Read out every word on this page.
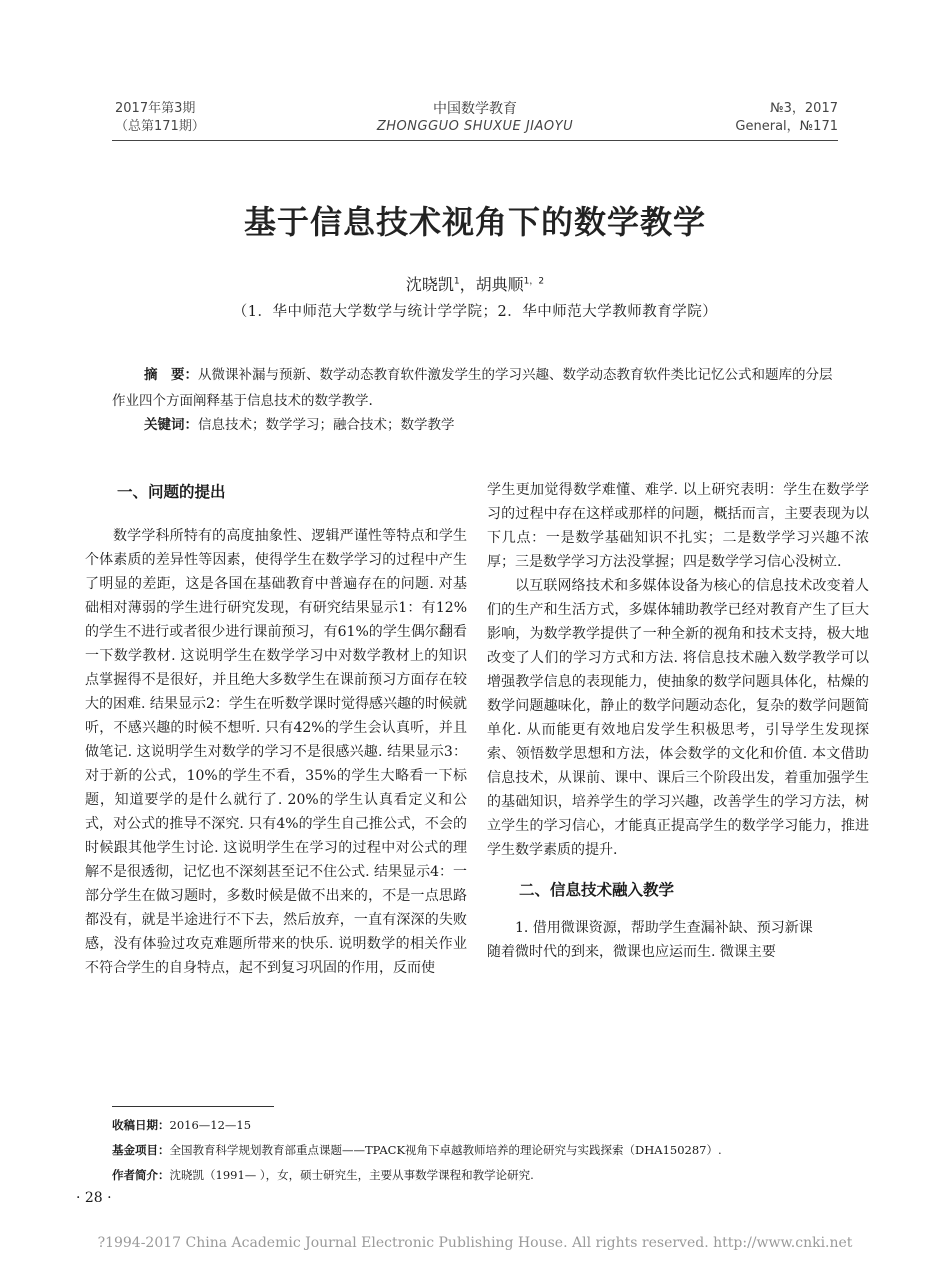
2017年第3期
（总第171期）
中国数学教育
ZHONGGUO SHUXUE JIAOYU
№3，2017
General，№171
基于信息技术视角下的数学教学
沈晓凯$^1$，胡典顺$^{1,2}$
（1．华中师范大学数学与统计学学院；2．华中师范大学教师教育学院）

摘　要：从微课补漏与预新、数学动态教育软件激发学生的学习兴趣、数学动态教育软件类比记忆公式和题库的分层作业四个方面阐释基于信息技术的数学教学.

关键词：信息技术；数学学习；融合技术；数学教学
一、问题的提出

数学学科所特有的高度抽象性、逻辑严谨性等特点和学生个体素质的差异性等因素，使得学生在数学学习的过程中产生了明显的差距，这是各国在基础教育中普遍存在的问题. 对基础相对薄弱的学生进行研究发现，有研究结果显示1：有12%的学生不进行或者很少进行课前预习，有61%的学生偶尔翻看一下数学教材. 这说明学生在数学学习中对数学教材上的知识点掌握得不是很好，并且绝大多数学生在课前预习方面存在较大的困难. 结果显示2：学生在听数学课时觉得感兴趣的时候就听，不感兴趣的时候不想听. 只有42%的学生会认真听，并且做笔记. 这说明学生对数学的学习不是很感兴趣. 结果显示3：对于新的公式，10%的学生不看，35%的学生大略看一下标题，知道要学的是什么就行了. 20%的学生认真看定义和公式，对公式的推导不深究. 只有4%的学生自己推公式，不会的时候跟其他学生讨论. 这说明学生在学习的过程中对公式的理解不是很透彻，记忆也不深刻甚至记不住公式. 结果显示4：一部分学生在做习题时，多数时候是做不出来的，不是一点思路都没有，就是半途进行不下去，然后放弃，一直有深深的失败感，没有体验过攻克难题所带来的快乐. 说明数学的相关作业不符合学生的自身特点，起不到复习巩固的作用，反而使

学生更加觉得数学难懂、难学. 以上研究表明：学生在数学学习的过程中存在这样或那样的问题，概括而言，主要表现为以下几点：一是数学基础知识不扎实；二是数学学习兴趣不浓厚；三是数学学习方法没掌握；四是数学学习信心没树立.

以互联网络技术和多媒体设备为核心的信息技术改变着人们的生产和生活方式，多媒体辅助教学已经对教育产生了巨大影响，为数学教学提供了一种全新的视角和技术支持，极大地改变了人们的学习方式和方法. 将信息技术融入数学教学可以增强教学信息的表现能力，使抽象的数学问题具体化，枯燥的数学问题趣味化，静止的数学问题动态化，复杂的数学问题简单化. 从而能更有效地启发学生积极思考，引导学生发现探索、领悟数学思想和方法，体会数学的文化和价值. 本文借助信息技术，从课前、课中、课后三个阶段出发，着重加强学生的基础知识，培养学生的学习兴趣，改善学生的学习方法，树立学生的学习信心，才能真正提高学生的数学学习能力，推进学生数学素质的提升.

二、信息技术融入教学

1. 借用微课资源，帮助学生查漏补缺、预习新课

随着微时代的到来，微课也应运而生. 微课主要

收稿日期：2016—12—15
基金项目：全国教育科学规划教育部重点课题——TPACK视角下卓越教师培养的理论研究与实践探索（DHA150287）.
作者简介：沈晓凯（1991— ），女，硕士研究生，主要从事数学课程和教学论研究.
· 28 ·
?1994-2017 China Academic Journal Electronic Publishing House. All rights reserved. http://www.cnki.net
